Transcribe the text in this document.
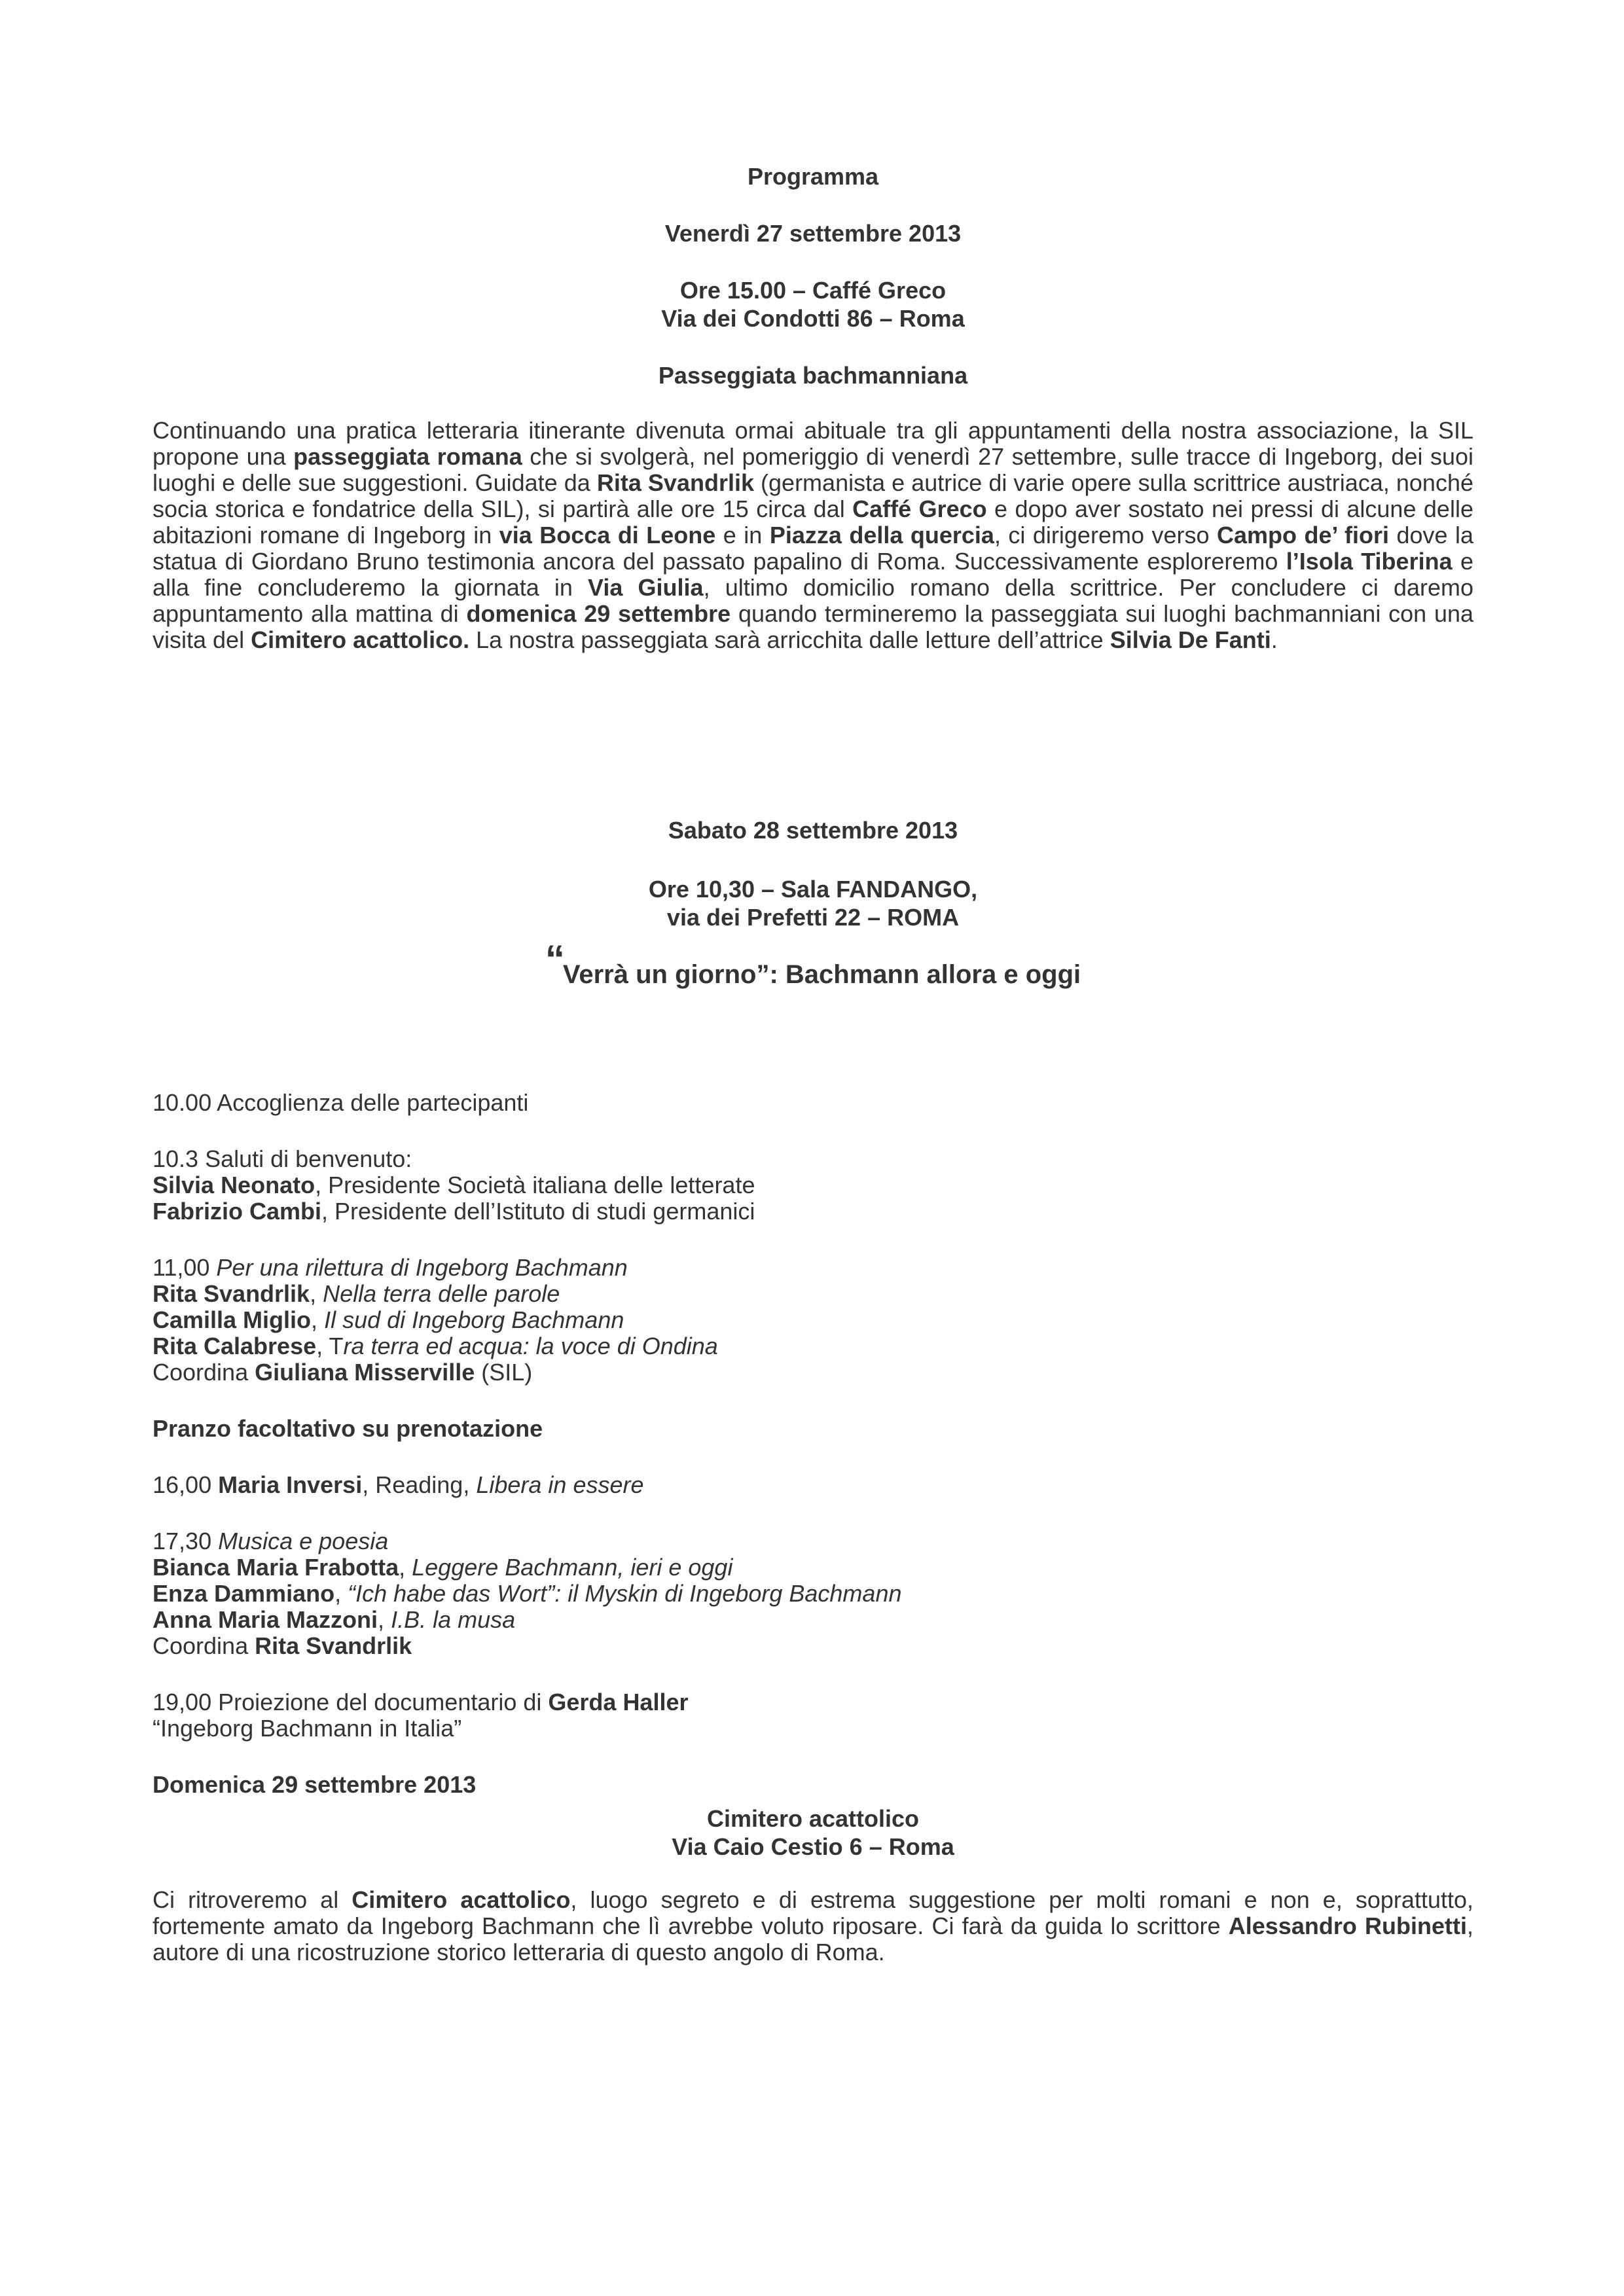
Programma
Venerdì 27 settembre 2013
Ore 15.00 – Caffé Greco
Via dei Condotti 86 – Roma
Passeggiata bachmanniana

Continuando una pratica letteraria itinerante divenuta ormai abituale tra gli appuntamenti della nostra associazione, la SIL propone una passeggiata romana che si svolgerà, nel pomeriggio di venerdì 27 settembre, sulle tracce di Ingeborg, dei suoi luoghi e delle sue suggestioni. Guidate da Rita Svandrlik (germanista e autrice di varie opere sulla scrittrice austriaca, nonché socia storica e fondatrice della SIL), si partirà alle ore 15 circa dal Caffé Greco e dopo aver sostato nei pressi di alcune delle abitazioni romane di Ingeborg in via Bocca di Leone e in Piazza della quercia, ci dirigeremo verso Campo de’ fiori dove la statua di Giordano Bruno testimonia ancora del passato papalino di Roma. Successivamente esploreremo l’Isola Tiberina e alla fine concluderemo la giornata in Via Giulia, ultimo domicilio romano della scrittrice. Per concludere ci daremo appuntamento alla mattina di domenica 29 settembre quando termineremo la passeggiata sui luoghi bachmanniani con una visita del Cimitero acattolico. La nostra passeggiata sarà arricchita dalle letture dell’attrice Silvia De Fanti.

Sabato 28 settembre 2013
Ore 10,30 – Sala FANDANGO,
via dei Prefetti 22 – ROMA
“Verrà un giorno”: Bachmann allora e oggi
10.00 Accoglienza delle partecipanti
10.3 Saluti di benvenuto:
Silvia Neonato, Presidente Società italiana delle letterate
Fabrizio Cambi, Presidente dell’Istituto di studi germanici
11,00 Per una rilettura di Ingeborg Bachmann
Rita Svandrlik, Nella terra delle parole
Camilla Miglio, Il sud di Ingeborg Bachmann
Rita Calabrese, Tra terra ed acqua: la voce di Ondina
Coordina Giuliana Misserville (SIL)
Pranzo facoltativo su prenotazione
16,00 Maria Inversi, Reading, Libera in essere
17,30 Musica e poesia
Bianca Maria Frabotta, Leggere Bachmann, ieri e oggi
Enza Dammiano, “Ich habe das Wort”: il Myskin di Ingeborg Bachmann
Anna Maria Mazzoni, I.B. la musa
Coordina Rita Svandrlik
19,00 Proiezione del documentario di Gerda Haller
“Ingeborg Bachmann in Italia”
Domenica 29 settembre 2013
Cimitero acattolico
Via Caio Cestio 6 – Roma

Ci ritroveremo al Cimitero acattolico, luogo segreto e di estrema suggestione per molti romani e non e, soprattutto, fortemente amato da Ingeborg Bachmann che lì avrebbe voluto riposare. Ci farà da guida lo scrittore Alessandro Rubinetti, autore di una ricostruzione storico letteraria di questo angolo di Roma.
